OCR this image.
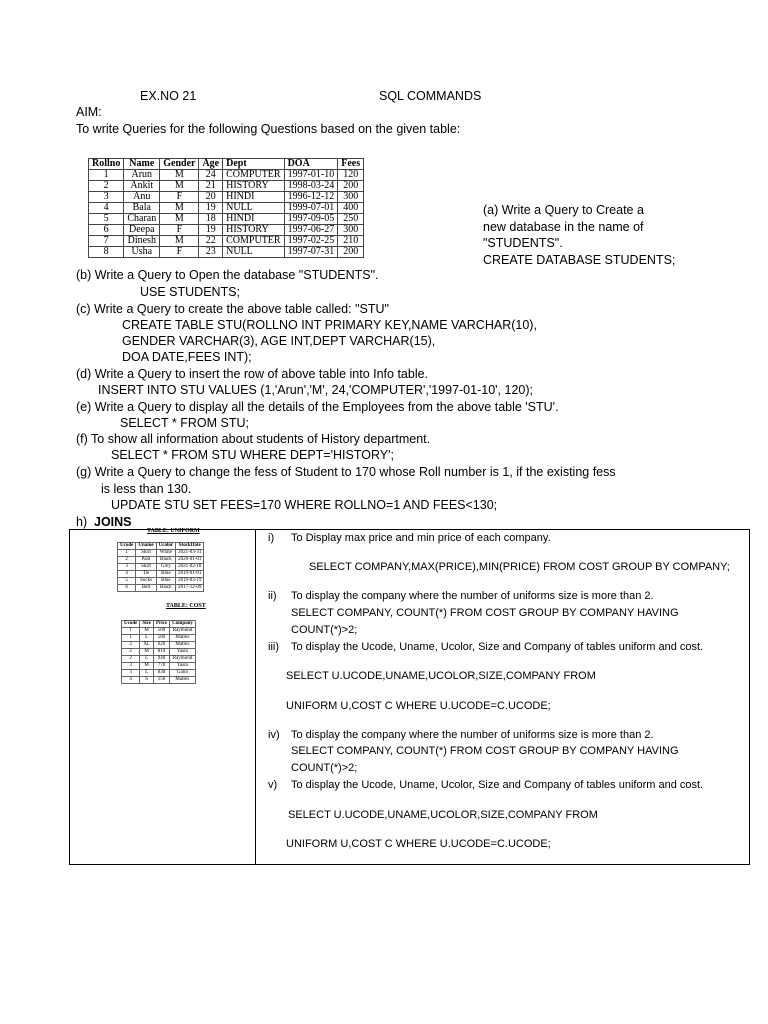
EX.NO 21	SQL COMMANDS
AIM:
To write Queries for the following Questions based on the given table:
Rollno	Name	Gender	Age	Dept	DOA	Fees
1	Arun	M	24	COMPUTER	1997-01-10	120
2	Ankit	M	21	HISTORY	1998-03-24	200
3	Anu	F	20	HINDI	1996-12-12	300
4	Bala	M	19	NULL	1999-07-01	400
5	Charan	M	18	HINDI	1997-09-05	250
6	Deepa	F	19	HISTORY	1997-06-27	300
7	Dinesh	M	22	COMPUTER	1997-02-25	210
8	Usha	F	23	NULL	1997-07-31	200
(a) Write a Query to Create a
new database in the name of
"STUDENTS".
CREATE DATABASE STUDENTS;
(b) Write a Query to Open the database "STUDENTS".
USE STUDENTS;
(c) Write a Query to create the above table called: "STU"
CREATE TABLE STU(ROLLNO INT PRIMARY KEY,NAME VARCHAR(10),
GENDER VARCHAR(3), AGE INT,DEPT VARCHAR(15),
DOA DATE,FEES INT);
(d) Write a Query to insert the row of above table into Info table.
INSERT INTO STU VALUES (1,'Arun','M', 24,'COMPUTER','1997-01-10', 120);
(e) Write a Query to display all the details of the Employees from the above table 'STU'.
SELECT * FROM STU;
(f) To show all information about students of History department.
SELECT * FROM STU WHERE DEPT='HISTORY';
(g) Write a Query to change the fess of Student to 170 whose Roll number is 1, if the existing fess
is less than 130.
UPDATE STU SET FEES=170 WHERE ROLLNO=1 AND FEES<130;
h) JOINS
TABLE: UNIFORM
Ucode	Uname	Ucolor	StockDate
1	Shirt	White	2021-03-31
2	Pant	Black	2020-01-01
3	Skirt	Grey	2021-02-18
4	Tie	Blue	2019-01-01
5	Socks	Blue	2019-03-19
6	Belt	Black	2017-12-09
TABLE: COST
Ucode	Size	Price	Company
1	M	500	Raymond
1	L	580	Mattex
2	XL	620	Mattex
2	M	810	Yasin
2	L	940	Raymond
3	M	770	Yasin
3	L	830	Galin
4	S	150	Mattex
i) To Display max price and min price of each company.
SELECT COMPANY,MAX(PRICE),MIN(PRICE) FROM COST GROUP BY COMPANY;
ii) To display the company where the number of uniforms size is more than 2.
SELECT COMPANY, COUNT(*) FROM COST GROUP BY COMPANY HAVING
COUNT(*)>2;
iii) To display the Ucode, Uname, Ucolor, Size and Company of tables uniform and cost.
SELECT U.UCODE,UNAME,UCOLOR,SIZE,COMPANY FROM
UNIFORM U,COST C WHERE U.UCODE=C.UCODE;
iv) To display the company where the number of uniforms size is more than 2.
SELECT COMPANY, COUNT(*) FROM COST GROUP BY COMPANY HAVING
COUNT(*)>2;
v) To display the Ucode, Uname, Ucolor, Size and Company of tables uniform and cost.
SELECT U.UCODE,UNAME,UCOLOR,SIZE,COMPANY FROM
UNIFORM U,COST C WHERE U.UCODE=C.UCODE;
